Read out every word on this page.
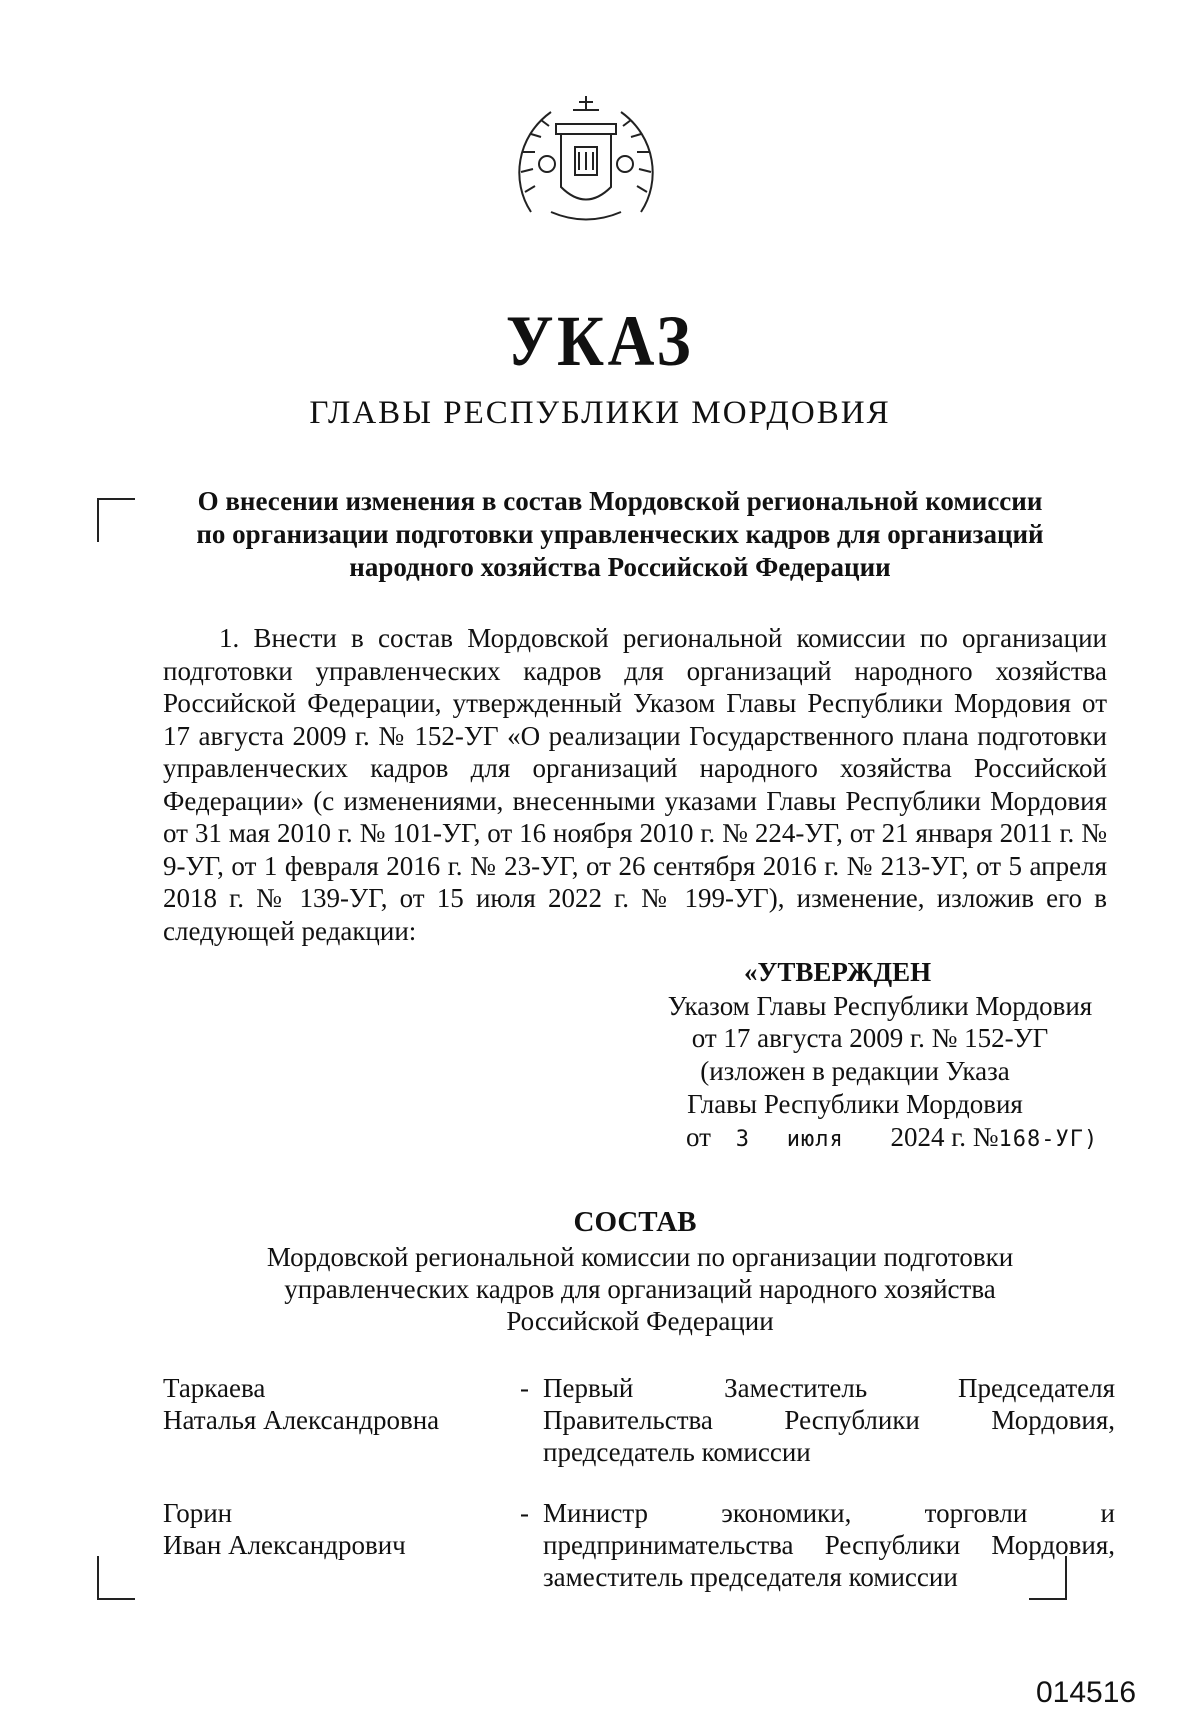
УКАЗ
ГЛАВЫ РЕСПУБЛИКИ МОРДОВИЯ
О внесении изменения в состав Мордовской региональной комиссии
по организации подготовки управленческих кадров для организаций
народного хозяйства Российской Федерации
1. Внести в состав Мордовской региональной комиссии по организации подготовки управленческих кадров для организаций народного хозяйства Российской Федерации, утвержденный Указом Главы Республики Мордовия от 17 августа 2009 г. № 152-УГ «О реализации Государственного плана подготовки управленческих кадров для организаций народного хозяйства Российской Федерации» (с изменениями, внесенными указами Главы Республики Мордовия от 31 мая 2010 г. № 101-УГ, от 16 ноября 2010 г. № 224-УГ, от 21 января 2011 г. № 9-УГ, от 1 февраля 2016 г. № 23-УГ, от 26 сентября 2016 г. № 213-УГ, от 5 апреля 2018 г. № 139-УГ, от 15 июля 2022 г. № 199-УГ), изменение, изложив его в следующей редакции:
«УТВЕРЖДЕН
Указом Главы Республики Мордовия
от 17 августа 2009 г. № 152-УГ
(изложен в редакции Указа
Главы Республики Мордовия
от 3 июля 2024 г. №168-УГ)
СОСТАВ
Мордовской региональной комиссии по организации подготовки
управленческих кадров для организаций народного хозяйства
Российской Федерации
Таркаева
Наталья Александровна
- Первый Заместитель Председателя
Правительства Республики Мордовия,
председатель комиссии
Горин
Иван Александрович
- Министр экономики, торговли и
предпринимательства Республики Мордовия,
заместитель председателя комиссии
014516
